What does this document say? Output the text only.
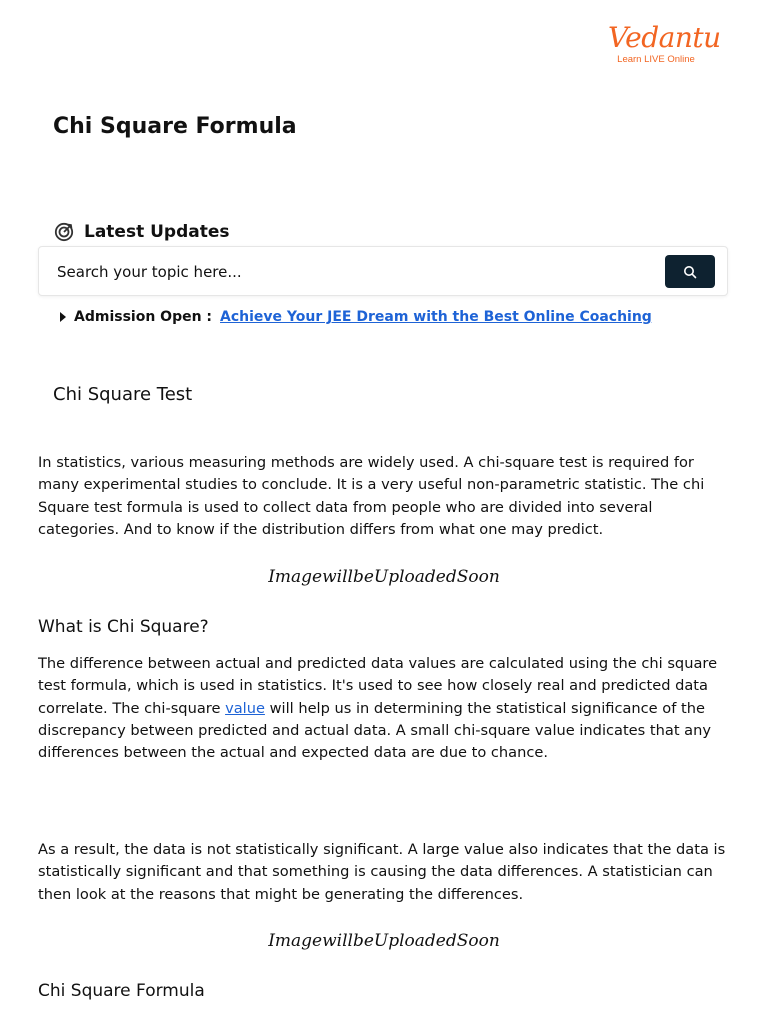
Vedantu
Learn LIVE Online
Chi Square Formula
Latest Updates
Search your topic here...
Admission Open : Achieve Your JEE Dream with the Best Online Coaching
Chi Square Test

In statistics, various measuring methods are widely used. A chi-square test is required for many experimental studies to conclude. It is a very useful non-parametric statistic. The chi Square test formula is used to collect data from people who are divided into several categories. And to know if the distribution differs from what one may predict.

ImagewillbeUploadedSoon
What is Chi Square?

The difference between actual and predicted data values are calculated using the chi square test formula, which is used in statistics. It's used to see how closely real and predicted data correlate. The chi-square value will help us in determining the statistical significance of the discrepancy between predicted and actual data. A small chi-square value indicates that any differences between the actual and expected data are due to chance.

As a result, the data is not statistically significant. A large value also indicates that the data is statistically significant and that something is causing the data differences. A statistician can then look at the reasons that might be generating the differences.

ImagewillbeUploadedSoon
Chi Square Formula
